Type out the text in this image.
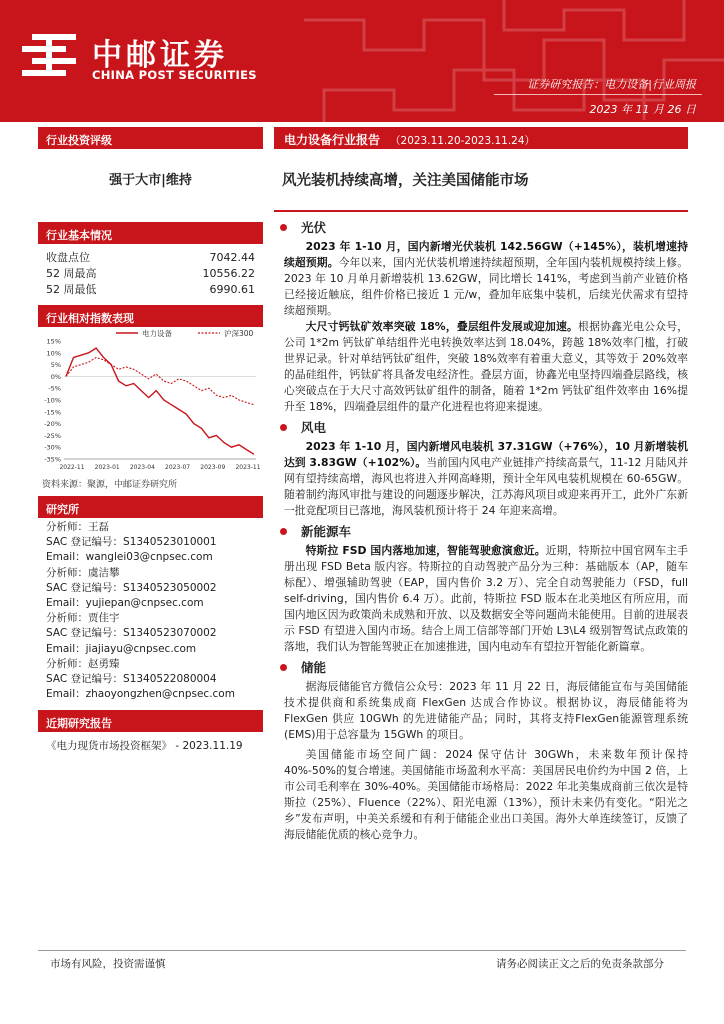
中邮证券
CHINA POST SECURITIES
证券研究报告：电力设备|行业周报
2023 年 11 月 26 日
行业投资评级
强于大市|维持
行业基本情况
收盘点位	7042.44
52 周最高	10556.22
52 周最低	6990.61
行业相对指数表现
电力设备	沪深300
15%
10%
5%
0%
-5%
-10%
-15%
-20%
-25%
-30%
-35%
2022-11 2023-01 2023-04 2023-07 2023-09 2023-11
资料来源：聚源，中邮证券研究所
研究所
分析师：王磊
SAC 登记编号：S1340523010001
Email：wanglei03@cnpsec.com
分析师：虞洁攀
SAC 登记编号：S1340523050002
Email：yujiepan@cnpsec.com
分析师：贾佳宇
SAC 登记编号：S1340523070002
Email：jiajiayu@cnpsec.com
分析师：赵勇臻
SAC 登记编号：S1340522080004
Email：zhaoyongzhen@cnpsec.com
近期研究报告
《电力现货市场投资框架》 - 2023.11.19
电力设备行业报告 （2023.11.20-2023.11.24）
风光装机持续高增，关注美国储能市场
光伏
2023 年 1-10 月，国内新增光伏装机 142.56GW（+145%），装机增速持续超预期。今年以来，国内光伏装机增速持续超预期，全年国内装机规模持续上修。2023 年 10 月单月新增装机 13.62GW，同比增长 141%，考虑到当前产业链价格已经接近触底，组件价格已接近 1 元/w，叠加年底集中装机，后续光伏需求有望持续超预期。
大尺寸钙钛矿效率突破 18%，叠层组件发展或迎加速。根据协鑫光电公众号，公司 1*2m 钙钛矿单结组件光电转换效率达到 18.04%，跨越 18%效率门槛，打破世界记录。针对单结钙钛矿组件，突破 18%效率有着重大意义，其等效于 20%效率的晶硅组件，钙钛矿将具备发电经济性。叠层方面，协鑫光电坚持四端叠层路线，核心突破点在于大尺寸高效钙钛矿组件的制备，随着 1*2m 钙钛矿组件效率由 16%提升至 18%，四端叠层组件的量产化进程也将迎来提速。
风电
2023 年 1-10 月，国内新增风电装机 37.31GW（+76%），10 月新增装机达到 3.83GW（+102%）。当前国内风电产业链排产持续高景气，11-12 月陆风并网有望持续高增，海风也将进入并网高峰期，预计全年风电装机规模在 60-65GW。随着制约海风审批与建设的问题逐步解决，江苏海风项目或迎来再开工，此外广东新一批竞配项目已落地，海风装机预计将于 24 年迎来高增。
新能源车
特斯拉 FSD 国内落地加速，智能驾驶愈演愈近。近期，特斯拉中国官网车主手册出现 FSD Beta 版内容。特斯拉的自动驾驶产品分为三种：基础版本（AP，随车标配）、增强辅助驾驶（EAP，国内售价 3.2 万）、完全自动驾驶能力（FSD，full self-driving，国内售价 6.4 万）。此前，特斯拉 FSD 版本在北美地区有所应用，而国内地区因为政策尚未成熟和开放、以及数据安全等问题尚未能使用。目前的进展表示 FSD 有望进入国内市场。结合上周工信部等部门开始 L3\L4 级别智驾试点政策的落地，我们认为智能驾驶正在加速推进，国内电动车有望拉开智能化新篇章。
储能
据海辰储能官方微信公众号：2023 年 11 月 22 日，海辰储能宣布与美国储能技术提供商和系统集成商 FlexGen 达成合作协议。根据协议，海辰储能将为 FlexGen 供应 10GWh 的先进储能产品；同时，其将支持FlexGen能源管理系统(EMS)用于总容量为 15GWh 的项目。
美国储能市场空间广阔：2024 保守估计 30GWh，未来数年预计保持 40%-50%的复合增速。美国储能市场盈利水平高：美国居民电价约为中国 2 倍，上市公司毛利率在 30%-40%。美国储能市场格局：2022 年北美集成商前三依次是特斯拉（25%）、Fluence（22%）、阳光电源（13%），预计未来仍有变化。“阳光之乡”发布声明，中美关系缓和有利于储能企业出口美国。海外大单连续签订，反馈了海辰储能优质的核心竞争力。
市场有风险，投资需谨慎	请务必阅读正文之后的免责条款部分
